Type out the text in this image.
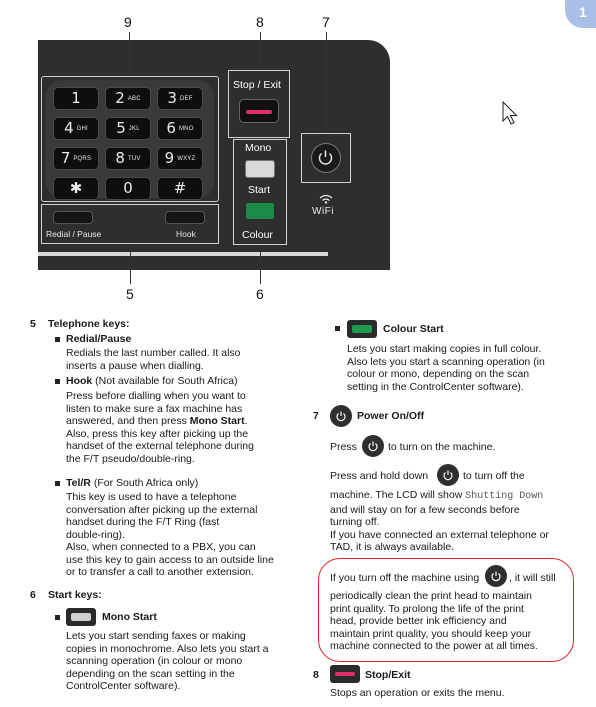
1
9	8	7
5	6
1 2 ABC 3 DEF
4 GHI 5 JKL 6 MNO
7 PQRS 8 TUV 9 WXYZ
✱	0	#
Redial / Pause	Hook
Stop / Exit
Mono
Start
Colour
WiFi
5 Telephone keys:
Redial/Pause
Redials the last number called. It also
inserts a pause when dialling.
Hook (Not available for South Africa)
Press before dialling when you want to
listen to make sure a fax machine has
answered, and then press Mono Start.
Also, press this key after picking up the
handset of the external telephone during
the F/T pseudo/double-ring.
Tel/R (For South Africa only)
This key is used to have a telephone
conversation after picking up the external
handset during the F/T Ring (fast
double-ring).
Also, when connected to a PBX, you can
use this key to gain access to an outside line
or to transfer a call to another extension.
6 Start keys:
Mono Start
Lets you start sending faxes or making
copies in monochrome. Also lets you start a
scanning operation (in colour or mono
depending on the scan setting in the
ControlCenter software).
Colour Start
Lets you start making copies in full colour.
Also lets you start a scanning operation (in
colour or mono, depending on the scan
setting in the ControlCenter software).
7	Power On/Off
Press	to turn on the machine.
Press and hold down	to turn off the
machine. The LCD will show Shutting Down
and will stay on for a few seconds before
turning off.
If you have connected an external telephone or
TAD, it is always available.
If you turn off the machine using	, it will still
periodically clean the print head to maintain
print quality. To prolong the life of the print
head, provide better ink efficiency and
maintain print quality, you should keep your
machine connected to the power at all times.
8	Stop/Exit
Stops an operation or exits the menu.
